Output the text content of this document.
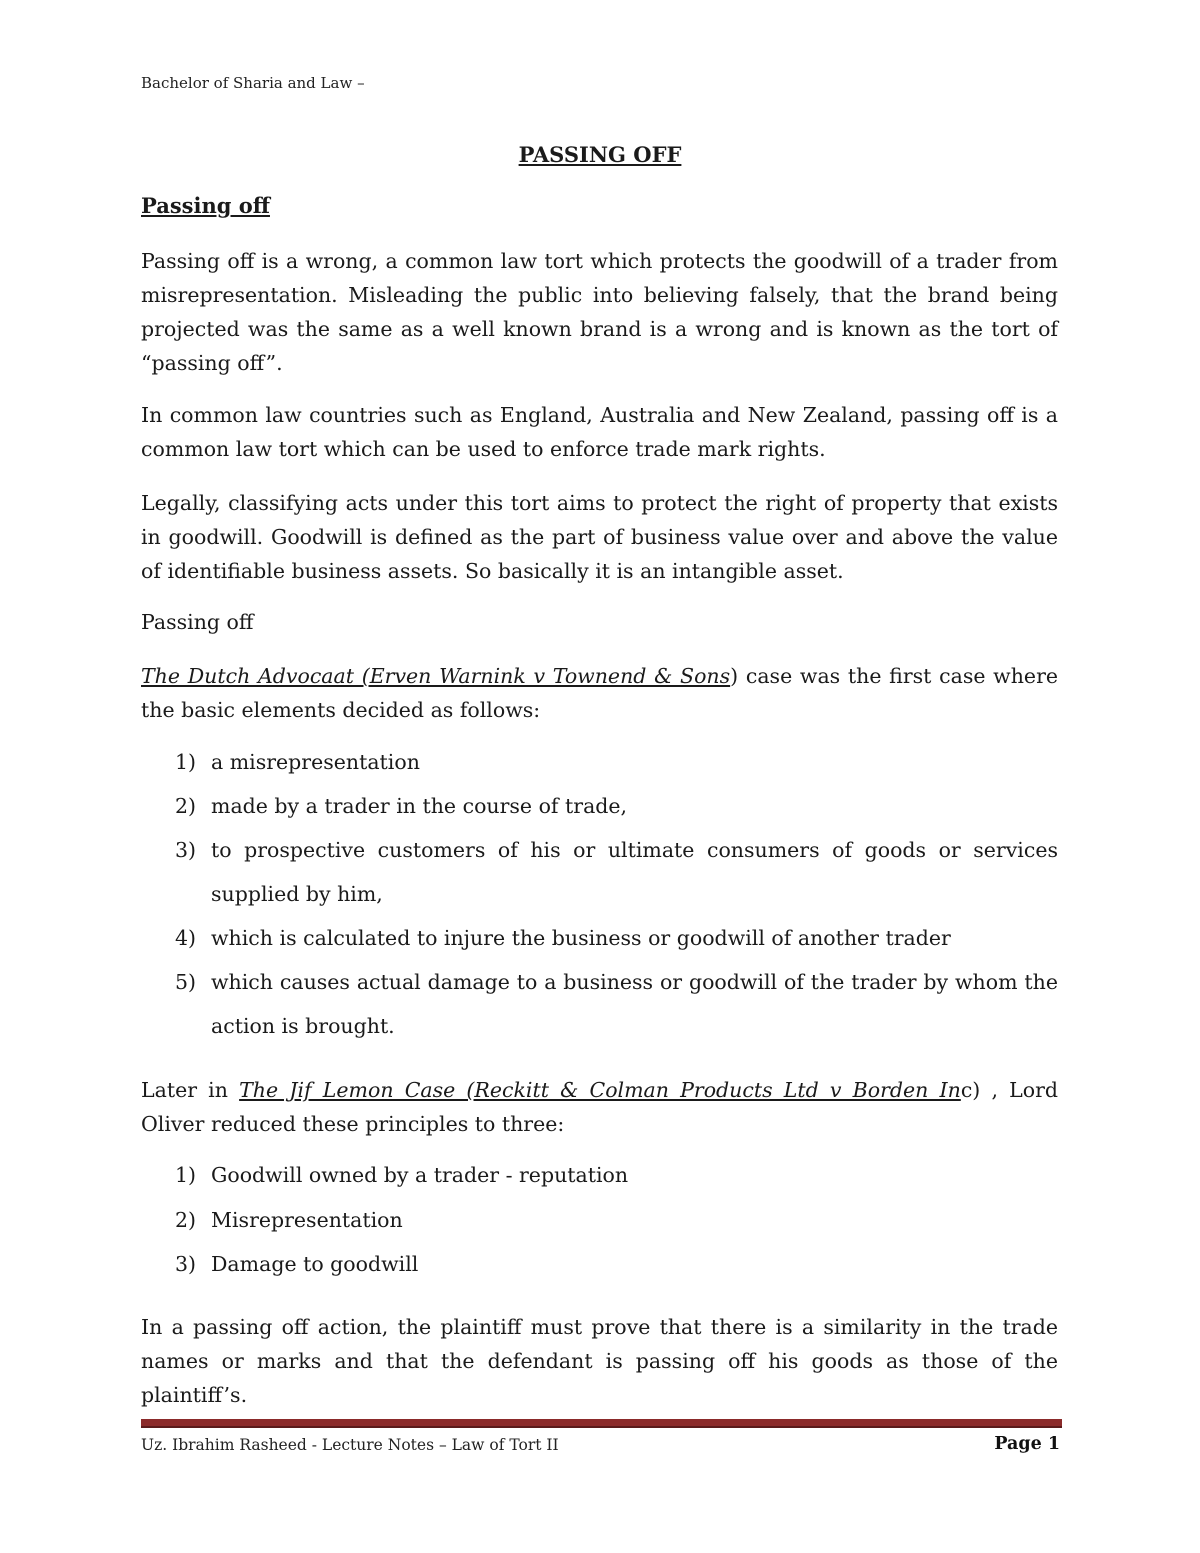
Bachelor of Sharia and Law –
PASSING OFF
Passing off

Passing off is a wrong, a common law tort which protects the goodwill of a trader from misrepresentation. Misleading the public into believing falsely, that the brand being projected was the same as a well known brand is a wrong and is known as the tort of “passing off”.

In common law countries such as England, Australia and New Zealand, passing off is a common law tort which can be used to enforce trade mark rights.

Legally, classifying acts under this tort aims to protect the right of property that exists in goodwill. Goodwill is defined as the part of business value over and above the value of identifiable business assets. So basically it is an intangible asset.

Passing off

The Dutch Advocaat (Erven Warnink v Townend & Sons) case was the first case where the basic elements decided as follows:

1) a misrepresentation
2) made by a trader in the course of trade,
3) to prospective customers of his or ultimate consumers of goods or services supplied by him,
4) which is calculated to injure the business or goodwill of another trader
5) which causes actual damage to a business or goodwill of the trader by whom the action is brought.

Later in The Jif Lemon Case (Reckitt & Colman Products Ltd v Borden Inc) , Lord Oliver reduced these principles to three:

1) Goodwill owned by a trader - reputation
2) Misrepresentation
3) Damage to goodwill

In a passing off action, the plaintiff must prove that there is a similarity in the trade names or marks and that the defendant is passing off his goods as those of the plaintiff’s.

Uz. Ibrahim Rasheed - Lecture Notes – Law of Tort II	Page 1
